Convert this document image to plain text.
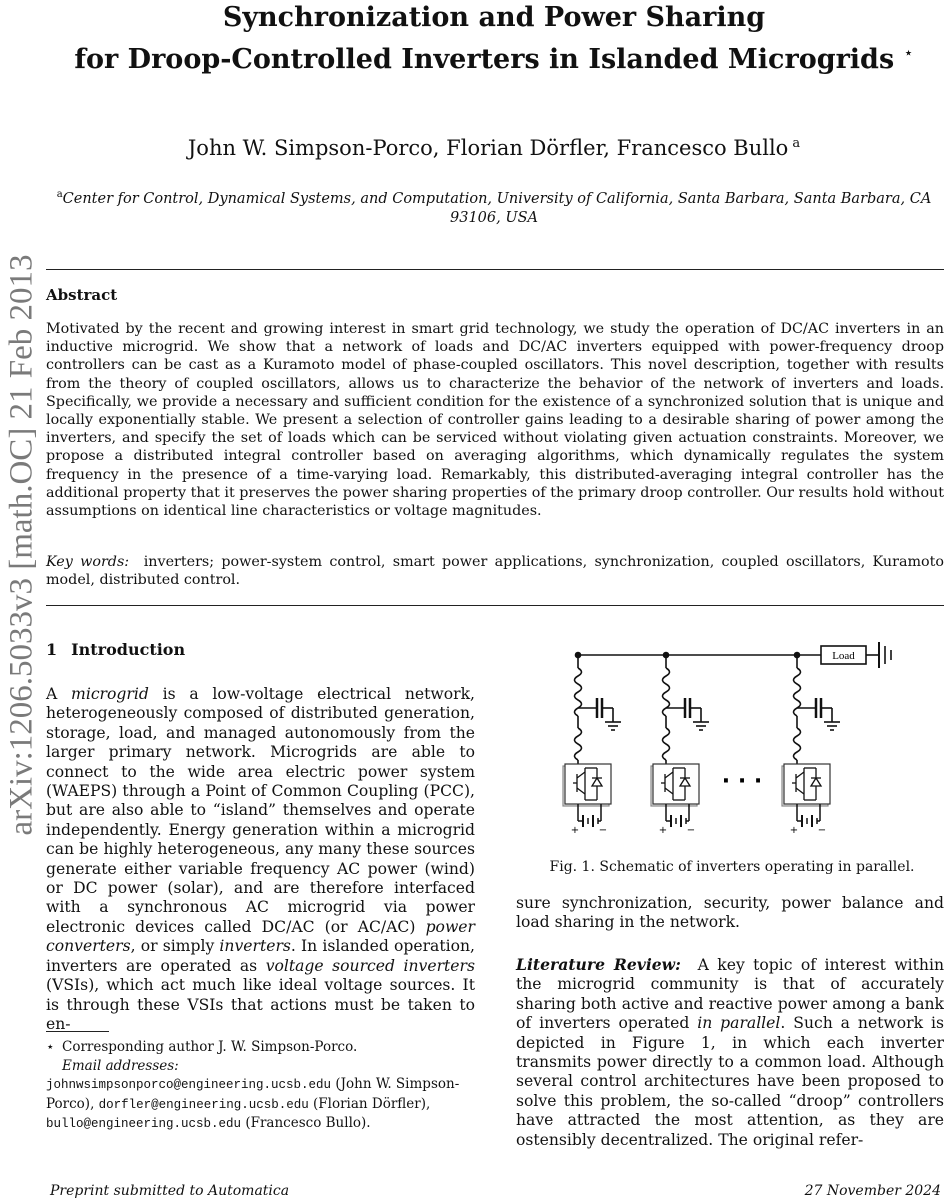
arXiv:1206.5033v3 [math.OC] 21 Feb 2013
Synchronization and Power Sharing
for Droop-Controlled Inverters in Islanded Microgrids ⋆
John W. Simpson-Porco, Florian Dörfler, Francesco Bullo $^a$
$^a$Center for Control, Dynamical Systems, and Computation, University of California, Santa Barbara, Santa Barbara, CA 93106, USA
Abstract
Motivated by the recent and growing interest in smart grid technology, we study the operation of DC/AC inverters in an inductive microgrid. We show that a network of loads and DC/AC inverters equipped with power-frequency droop controllers can be cast as a Kuramoto model of phase-coupled oscillators. This novel description, together with results from the theory of coupled oscillators, allows us to characterize the behavior of the network of inverters and loads. Specifically, we provide a necessary and sufficient condition for the existence of a synchronized solution that is unique and locally exponentially stable. We present a selection of controller gains leading to a desirable sharing of power among the inverters, and specify the set of loads which can be serviced without violating given actuation constraints. Moreover, we propose a distributed integral controller based on averaging algorithms, which dynamically regulates the system frequency in the presence of a time-varying load. Remarkably, this distributed-averaging integral controller has the additional property that it preserves the power sharing properties of the primary droop controller. Our results hold without assumptions on identical line characteristics or voltage magnitudes.
Key words: inverters; power-system control, smart power applications, synchronization, coupled oscillators, Kuramoto model, distributed control.
1 Introduction
A microgrid is a low-voltage electrical network, heterogeneously composed of distributed generation, storage, load, and managed autonomously from the larger primary network. Microgrids are able to connect to the wide area electric power system (WAEPS) through a Point of Common Coupling (PCC), but are also able to “island” themselves and operate independently. Energy generation within a microgrid can be highly heterogeneous, any many these sources generate either variable frequency AC power (wind) or DC power (solar), and are therefore interfaced with a synchronous AC microgrid via power electronic devices called DC/AC (or AC/AC) power converters, or simply inverters. In islanded operation, inverters are operated as voltage sourced inverters (VSIs), which act much like ideal voltage sources. It is through these VSIs that actions must be taken to en-
⋆ Corresponding author J. W. Simpson-Porco.
Email addresses:
johnwsimpsonporco@engineering.ucsb.edu (John W. Simpson-Porco), dorfler@engineering.ucsb.edu (Florian Dörfler), bullo@engineering.ucsb.edu (Francesco Bullo).
Load
+ −
· · ·
Fig. 1. Schematic of inverters operating in parallel.
sure synchronization, security, power balance and load sharing in the network.
Literature Review: A key topic of interest within the microgrid community is that of accurately sharing both active and reactive power among a bank of inverters operated in parallel. Such a network is depicted in Figure 1, in which each inverter transmits power directly to a common load. Although several control architectures have been proposed to solve this problem, the so-called “droop” controllers have attracted the most attention, as they are ostensibly decentralized. The original refer-
Preprint submitted to Automatica	27 November 2024
